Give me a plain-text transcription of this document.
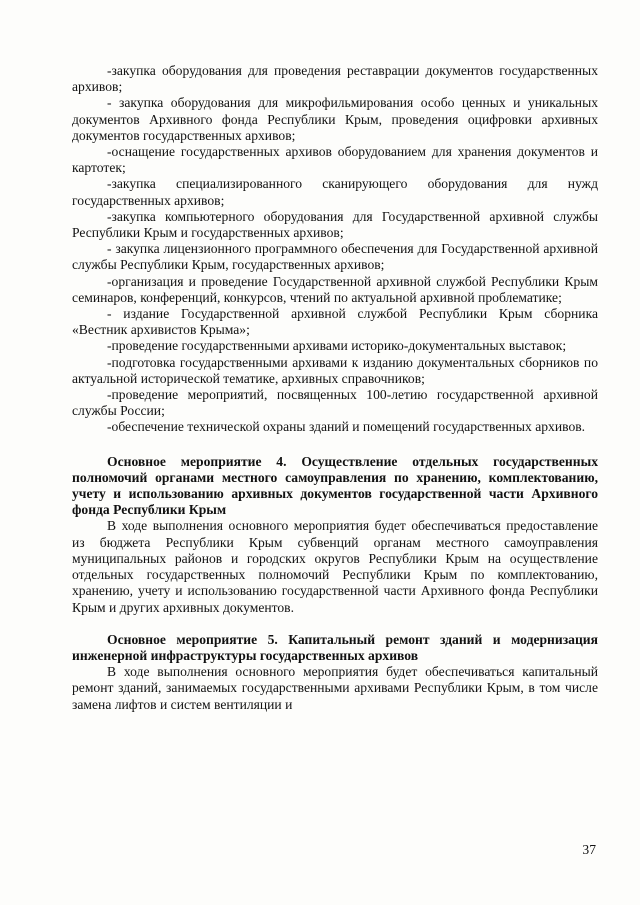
-закупка оборудования для проведения реставрации документов государственных архивов;

- закупка оборудования для микрофильмирования особо ценных и уникальных документов Архивного фонда Республики Крым, проведения оцифровки архивных документов государственных архивов;

-оснащение государственных архивов оборудованием для хранения документов и картотек;

-закупка специализированного сканирующего оборудования для нужд государственных архивов;

-закупка компьютерного оборудования для Государственной архивной службы Республики Крым и государственных архивов;

- закупка лицензионного программного обеспечения для Государственной архивной службы Республики Крым, государственных архивов;

-организация и проведение Государственной архивной службой Республики Крым семинаров, конференций, конкурсов, чтений по актуальной архивной проблематике;

- издание Государственной архивной службой Республики Крым сборника «Вестник архивистов Крыма»;

-проведение государственными архивами историко-документальных выставок;

-подготовка государственными архивами к изданию документальных сборников по актуальной исторической тематике, архивных справочников;

-проведение мероприятий, посвященных 100-летию государственной архивной службы России;

-обеспечение технической охраны зданий и помещений государственных архивов.

Основное мероприятие 4. Осуществление отдельных государственных полномочий органами местного самоуправления по хранению, комплектованию, учету и использованию архивных документов государственной части Архивного фонда Республики Крым

В ходе выполнения основного мероприятия будет обеспечиваться предоставление из бюджета Республики Крым субвенций органам местного самоуправления муниципальных районов и городских округов Республики Крым на осуществление отдельных государственных полномочий Республики Крым по комплектованию, хранению, учету и использованию государственной части Архивного фонда Республики Крым и других архивных документов.

Основное мероприятие 5. Капитальный ремонт зданий и модернизация инженерной инфраструктуры государственных архивов

В ходе выполнения основного мероприятия будет обеспечиваться капитальный ремонт зданий, занимаемых государственными архивами Республики Крым, в том числе замена лифтов и систем вентиляции и

37
